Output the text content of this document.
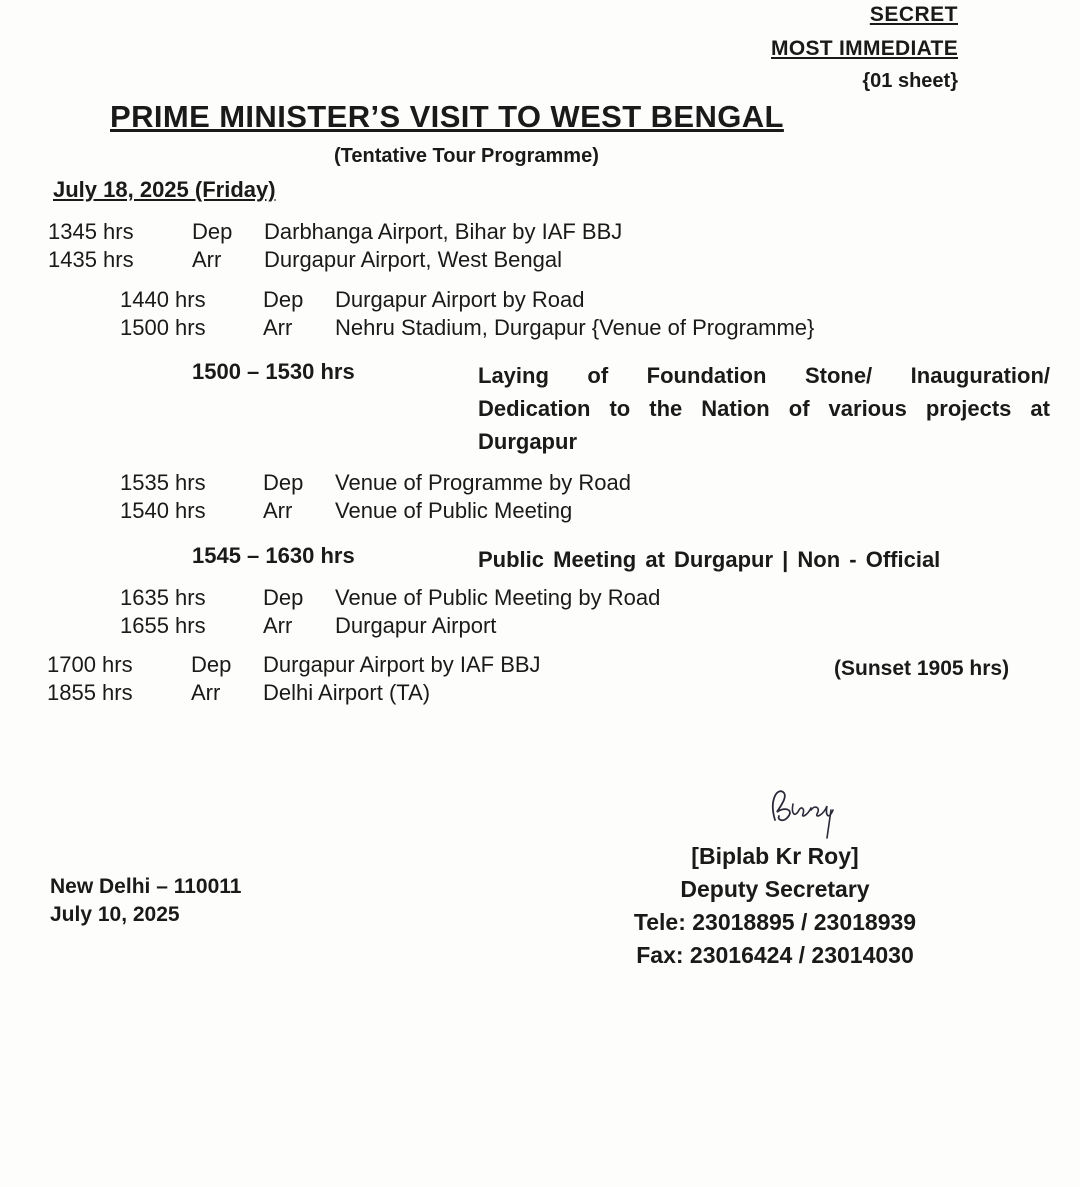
SECRET
MOST IMMEDIATE
{01 sheet}
PRIME MINISTER’S VISIT TO WEST BENGAL
(Tentative Tour Programme)
July 18, 2025 (Friday)
1345 hrs	Dep Darbhanga Airport, Bihar by IAF BBJ
1435 hrs	Arr Durgapur Airport, West Bengal
1440 hrs	Dep Durgapur Airport by Road
1500 hrs	Arr Nehru Stadium, Durgapur {Venue of Programme}
1500 – 1530 hrs	Laying of Foundation Stone/ Inauguration/ Dedication to the Nation of various projects at Durgapur
1535 hrs	Dep Venue of Programme by Road
1540 hrs	Arr Venue of Public Meeting
1545 – 1630 hrs	Public Meeting at Durgapur | Non - Official
1635 hrs	Dep Venue of Public Meeting by Road
1655 hrs	Arr Durgapur Airport
1700 hrs	Dep Durgapur Airport by IAF BBJ
1855 hrs	Arr Delhi Airport (TA)
(Sunset 1905 hrs)
New Delhi – 110011
July 10, 2025
[Biplab Kr Roy]
Deputy Secretary
Tele: 23018895 / 23018939
Fax: 23016424 / 23014030
